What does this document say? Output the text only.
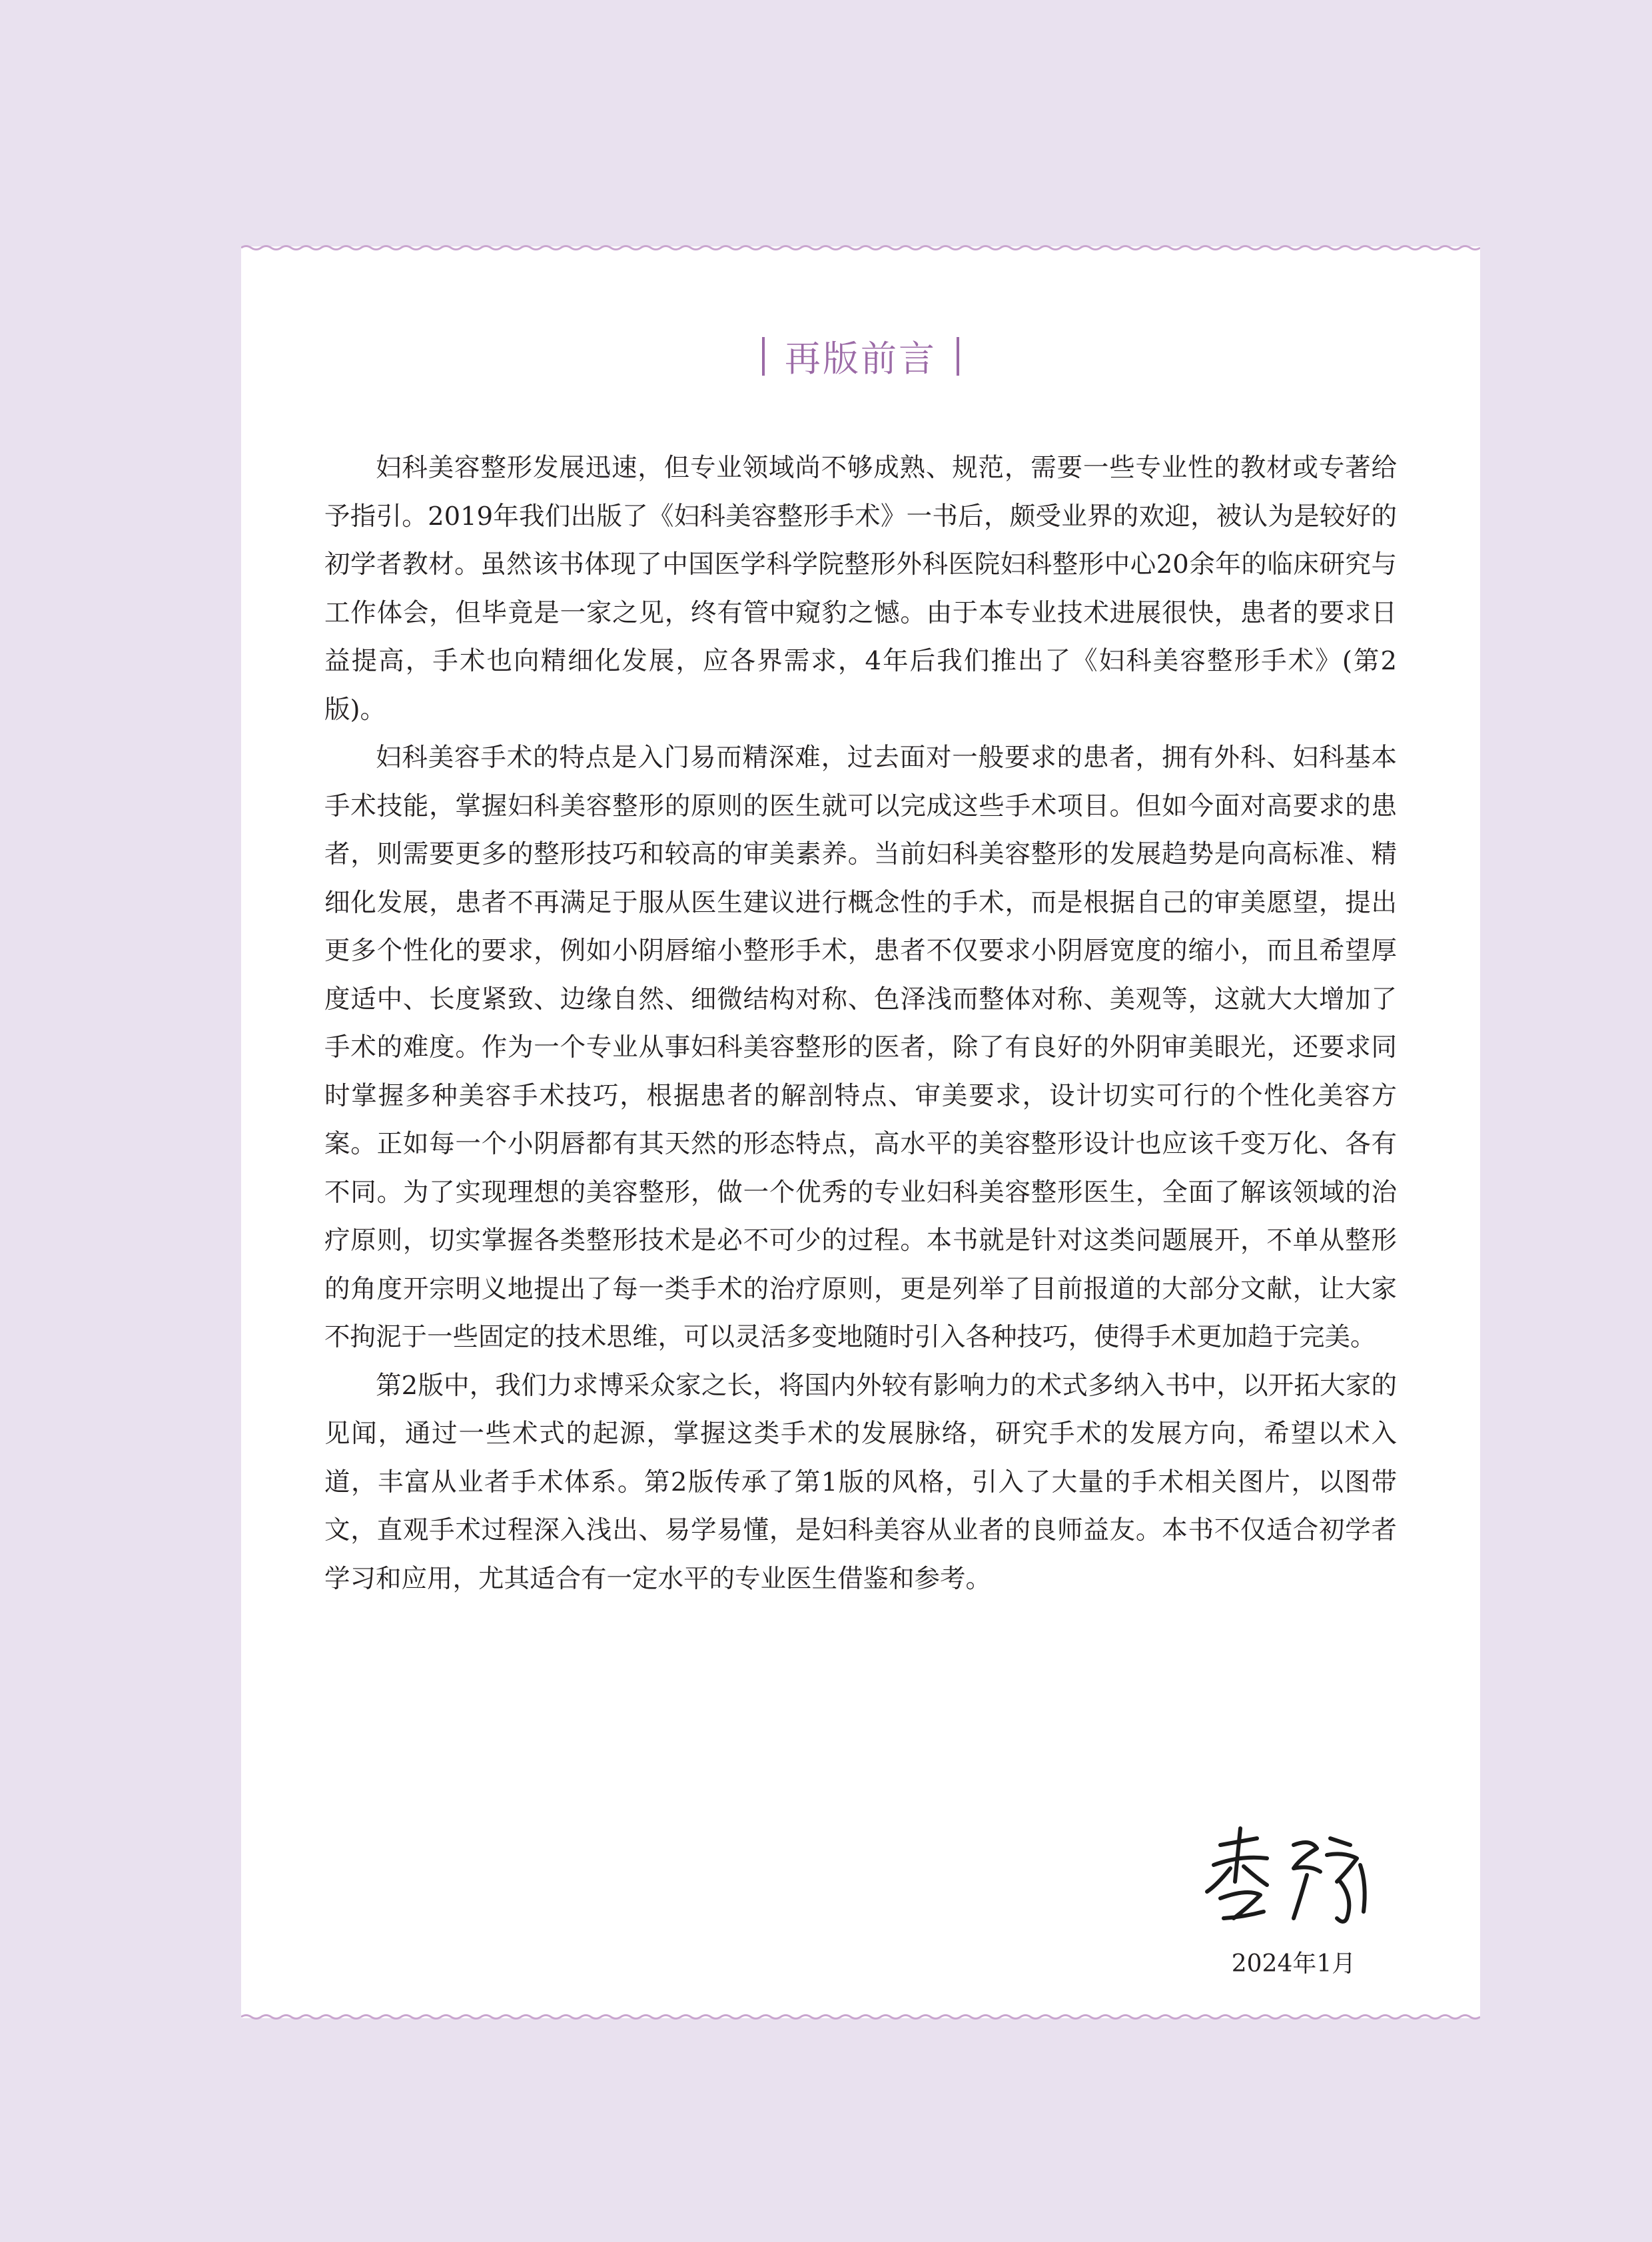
再版前言

妇科美容整形发展迅速，但专业领域尚不够成熟、规范，需要一些专业性的教材或专著给予指引。2019年我们出版了《妇科美容整形手术》一书后，颇受业界的欢迎，被认为是较好的初学者教材。虽然该书体现了中国医学科学院整形外科医院妇科整形中心20余年的临床研究与工作体会，但毕竟是一家之见，终有管中窥豹之憾。由于本专业技术进展很快，患者的要求日益提高，手术也向精细化发展，应各界需求，4年后我们推出了《妇科美容整形手术》(第2版)。

妇科美容手术的特点是入门易而精深难，过去面对一般要求的患者，拥有外科、妇科基本手术技能，掌握妇科美容整形的原则的医生就可以完成这些手术项目。但如今面对高要求的患者，则需要更多的整形技巧和较高的审美素养。当前妇科美容整形的发展趋势是向高标准、精细化发展，患者不再满足于服从医生建议进行概念性的手术，而是根据自己的审美愿望，提出更多个性化的要求，例如小阴唇缩小整形手术，患者不仅要求小阴唇宽度的缩小，而且希望厚度适中、长度紧致、边缘自然、细微结构对称、色泽浅而整体对称、美观等，这就大大增加了手术的难度。作为一个专业从事妇科美容整形的医者，除了有良好的外阴审美眼光，还要求同时掌握多种美容手术技巧，根据患者的解剖特点、审美要求，设计切实可行的个性化美容方案。正如每一个小阴唇都有其天然的形态特点，高水平的美容整形设计也应该千变万化、各有不同。为了实现理想的美容整形，做一个优秀的专业妇科美容整形医生，全面了解该领域的治疗原则，切实掌握各类整形技术是必不可少的过程。本书就是针对这类问题展开，不单从整形的角度开宗明义地提出了每一类手术的治疗原则，更是列举了目前报道的大部分文献，让大家不拘泥于一些固定的技术思维，可以灵活多变地随时引入各种技巧，使得手术更加趋于完美。

第2版中，我们力求博采众家之长，将国内外较有影响力的术式多纳入书中，以开拓大家的见闻，通过一些术式的起源，掌握这类手术的发展脉络，研究手术的发展方向，希望以术入道，丰富从业者手术体系。第2版传承了第1版的风格，引入了大量的手术相关图片，以图带文，直观手术过程深入浅出、易学易懂，是妇科美容从业者的良师益友。本书不仅适合初学者学习和应用，尤其适合有一定水平的专业医生借鉴和参考。

2024年1月
